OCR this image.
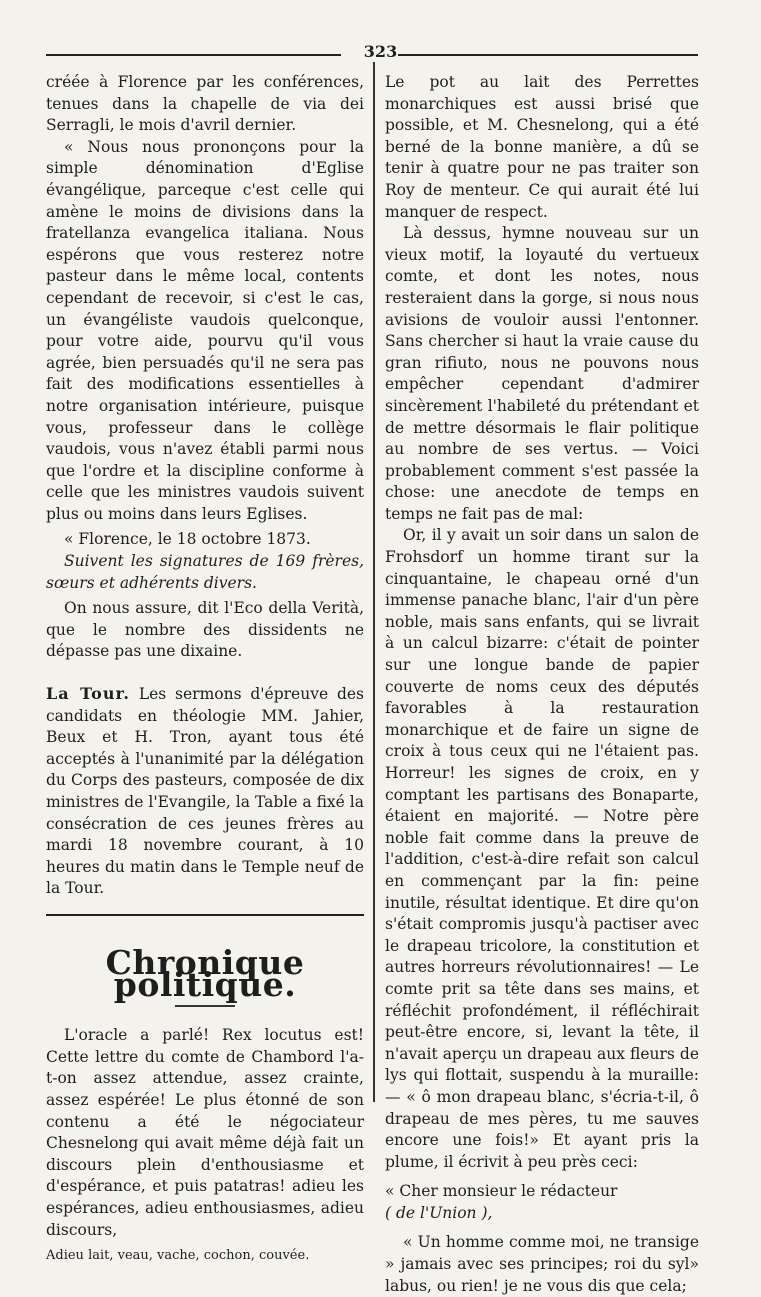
323

créée à Florence par les conférences, tenues dans la chapelle de via dei Serragli, le mois d'avril dernier.

« Nous nous prononçons pour la simple dénomination d'Eglise évangélique, parceque c'est celle qui amène le moins de divisions dans la fratellanza evangelica italiana. Nous espérons que vous resterez notre pasteur dans le même local, contents cependant de recevoir, si c'est le cas, un évangéliste vaudois quelconque, pour votre aide, pourvu qu'il vous agrée, bien persuadés qu'il ne sera pas fait des modifications essentielles à notre organisation intérieure, puisque vous, professeur dans le collège vaudois, vous n'avez établi parmi nous que l'ordre et la discipline conforme à celle que les ministres vaudois suivent plus ou moins dans leurs Eglises.

« Florence, le 18 octobre 1873.

Suivent les signatures de 169 frères, sœurs et adhérents divers.

On nous assure, dit l'Eco della Verità, que le nombre des dissidents ne dépasse pas une dixaine.

La Tour. Les sermons d'épreuve des candidats en théologie MM. Jahier, Beux et H. Tron, ayant tous été acceptés à l'unanimité par la délégation du Corps des pasteurs, composée de dix ministres de l'Evangile, la Table a fixé la consécration de ces jeunes frères au mardi 18 novembre courant, à 10 heures du matin dans le Temple neuf de la Tour.

Chronique politique.

L'oracle a parlé! Rex locutus est! Cette lettre du comte de Chambord l'a-t-on assez attendue, assez crainte, assez espérée! Le plus étonné de son contenu a été le négociateur Chesnelong qui avait même déjà fait un discours plein d'enthousiasme et d'espérance, et puis patatras! adieu les espérances, adieu enthousiasmes, adieu discours,

Adieu lait, veau, vache, cochon, couvée.

Le pot au lait des Perrettes monarchiques est aussi brisé que possible, et M. Chesnelong, qui a été berné de la bonne manière, a dû se tenir à quatre pour ne pas traiter son Roy de menteur. Ce qui aurait été lui manquer de respect.

Là dessus, hymne nouveau sur un vieux motif, la loyauté du vertueux comte, et dont les notes, nous resteraient dans la gorge, si nous nous avisions de vouloir aussi l'entonner. Sans chercher si haut la vraie cause du gran rifiuto, nous ne pouvons nous empêcher cependant d'admirer sincèrement l'habileté du prétendant et de mettre désormais le flair politique au nombre de ses vertus. — Voici probablement comment s'est passée la chose: une anecdote de temps en temps ne fait pas de mal:

Or, il y avait un soir dans un salon de Frohsdorf un homme tirant sur la cinquantaine, le chapeau orné d'un immense panache blanc, l'air d'un père noble, mais sans enfants, qui se livrait à un calcul bizarre: c'était de pointer sur une longue bande de papier couverte de noms ceux des députés favorables à la restauration monarchique et de faire un signe de croix à tous ceux qui ne l'étaient pas. Horreur! les signes de croix, en y comptant les partisans des Bonaparte, étaient en majorité. — Notre père noble fait comme dans la preuve de l'addition, c'est-à-dire refait son calcul en commençant par la fin: peine inutile, résultat identique. Et dire qu'on s'était compromis jusqu'à pactiser avec le drapeau tricolore, la constitution et autres horreurs révolutionnaires! — Le comte prit sa tête dans ses mains, et réfléchit profondément, il réfléchirait peut-être encore, si, levant la tête, il n'avait aperçu un drapeau aux fleurs de lys qui flottait, suspendu à la muraille: — « ô mon drapeau blanc, s'écria-t-il, ô drapeau de mes pères, tu me sauves encore une fois!» Et ayant pris la plume, il écrivit à peu près ceci:

« Cher monsieur le rédacteur

( de l'Union ),

« Un homme comme moi, ne transige » jamais avec ses principes; roi du syl» labus, ou rien! je ne vous dis que cela;
